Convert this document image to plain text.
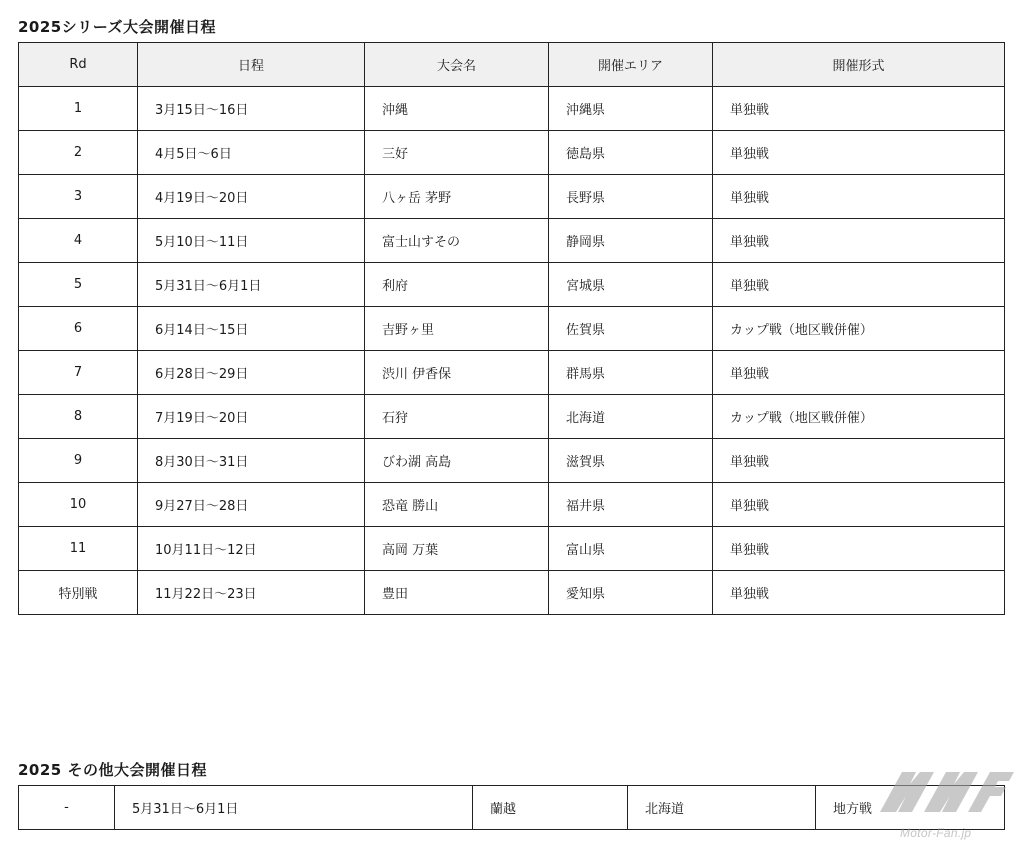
2025シリーズ大会開催日程
Rd	日程	大会名	開催エリア	開催形式
1	3月15日〜16日	沖縄	沖縄県	単独戦
2	4月5日〜6日	三好	徳島県	単独戦
3	4月19日〜20日	八ヶ岳 茅野	長野県	単独戦
4	5月10日〜11日	富士山すその	静岡県	単独戦
5	5月31日〜6月1日	利府	宮城県	単独戦
6	6月14日〜15日	吉野ヶ里	佐賀県	カップ戦（地区戦併催）
7	6月28日〜29日	渋川 伊香保	群馬県	単独戦
8	7月19日〜20日	石狩	北海道	カップ戦（地区戦併催）
9	8月30日〜31日	びわ湖 高島	滋賀県	単独戦
10	9月27日〜28日	恐竜 勝山	福井県	単独戦
11	10月11日〜12日	高岡 万葉	富山県	単独戦
特別戦	11月22日〜23日	豊田	愛知県	単独戦
2025 その他大会開催日程
-	5月31日〜6月1日	蘭越	北海道	地方戦
Motor-Fan.jp
